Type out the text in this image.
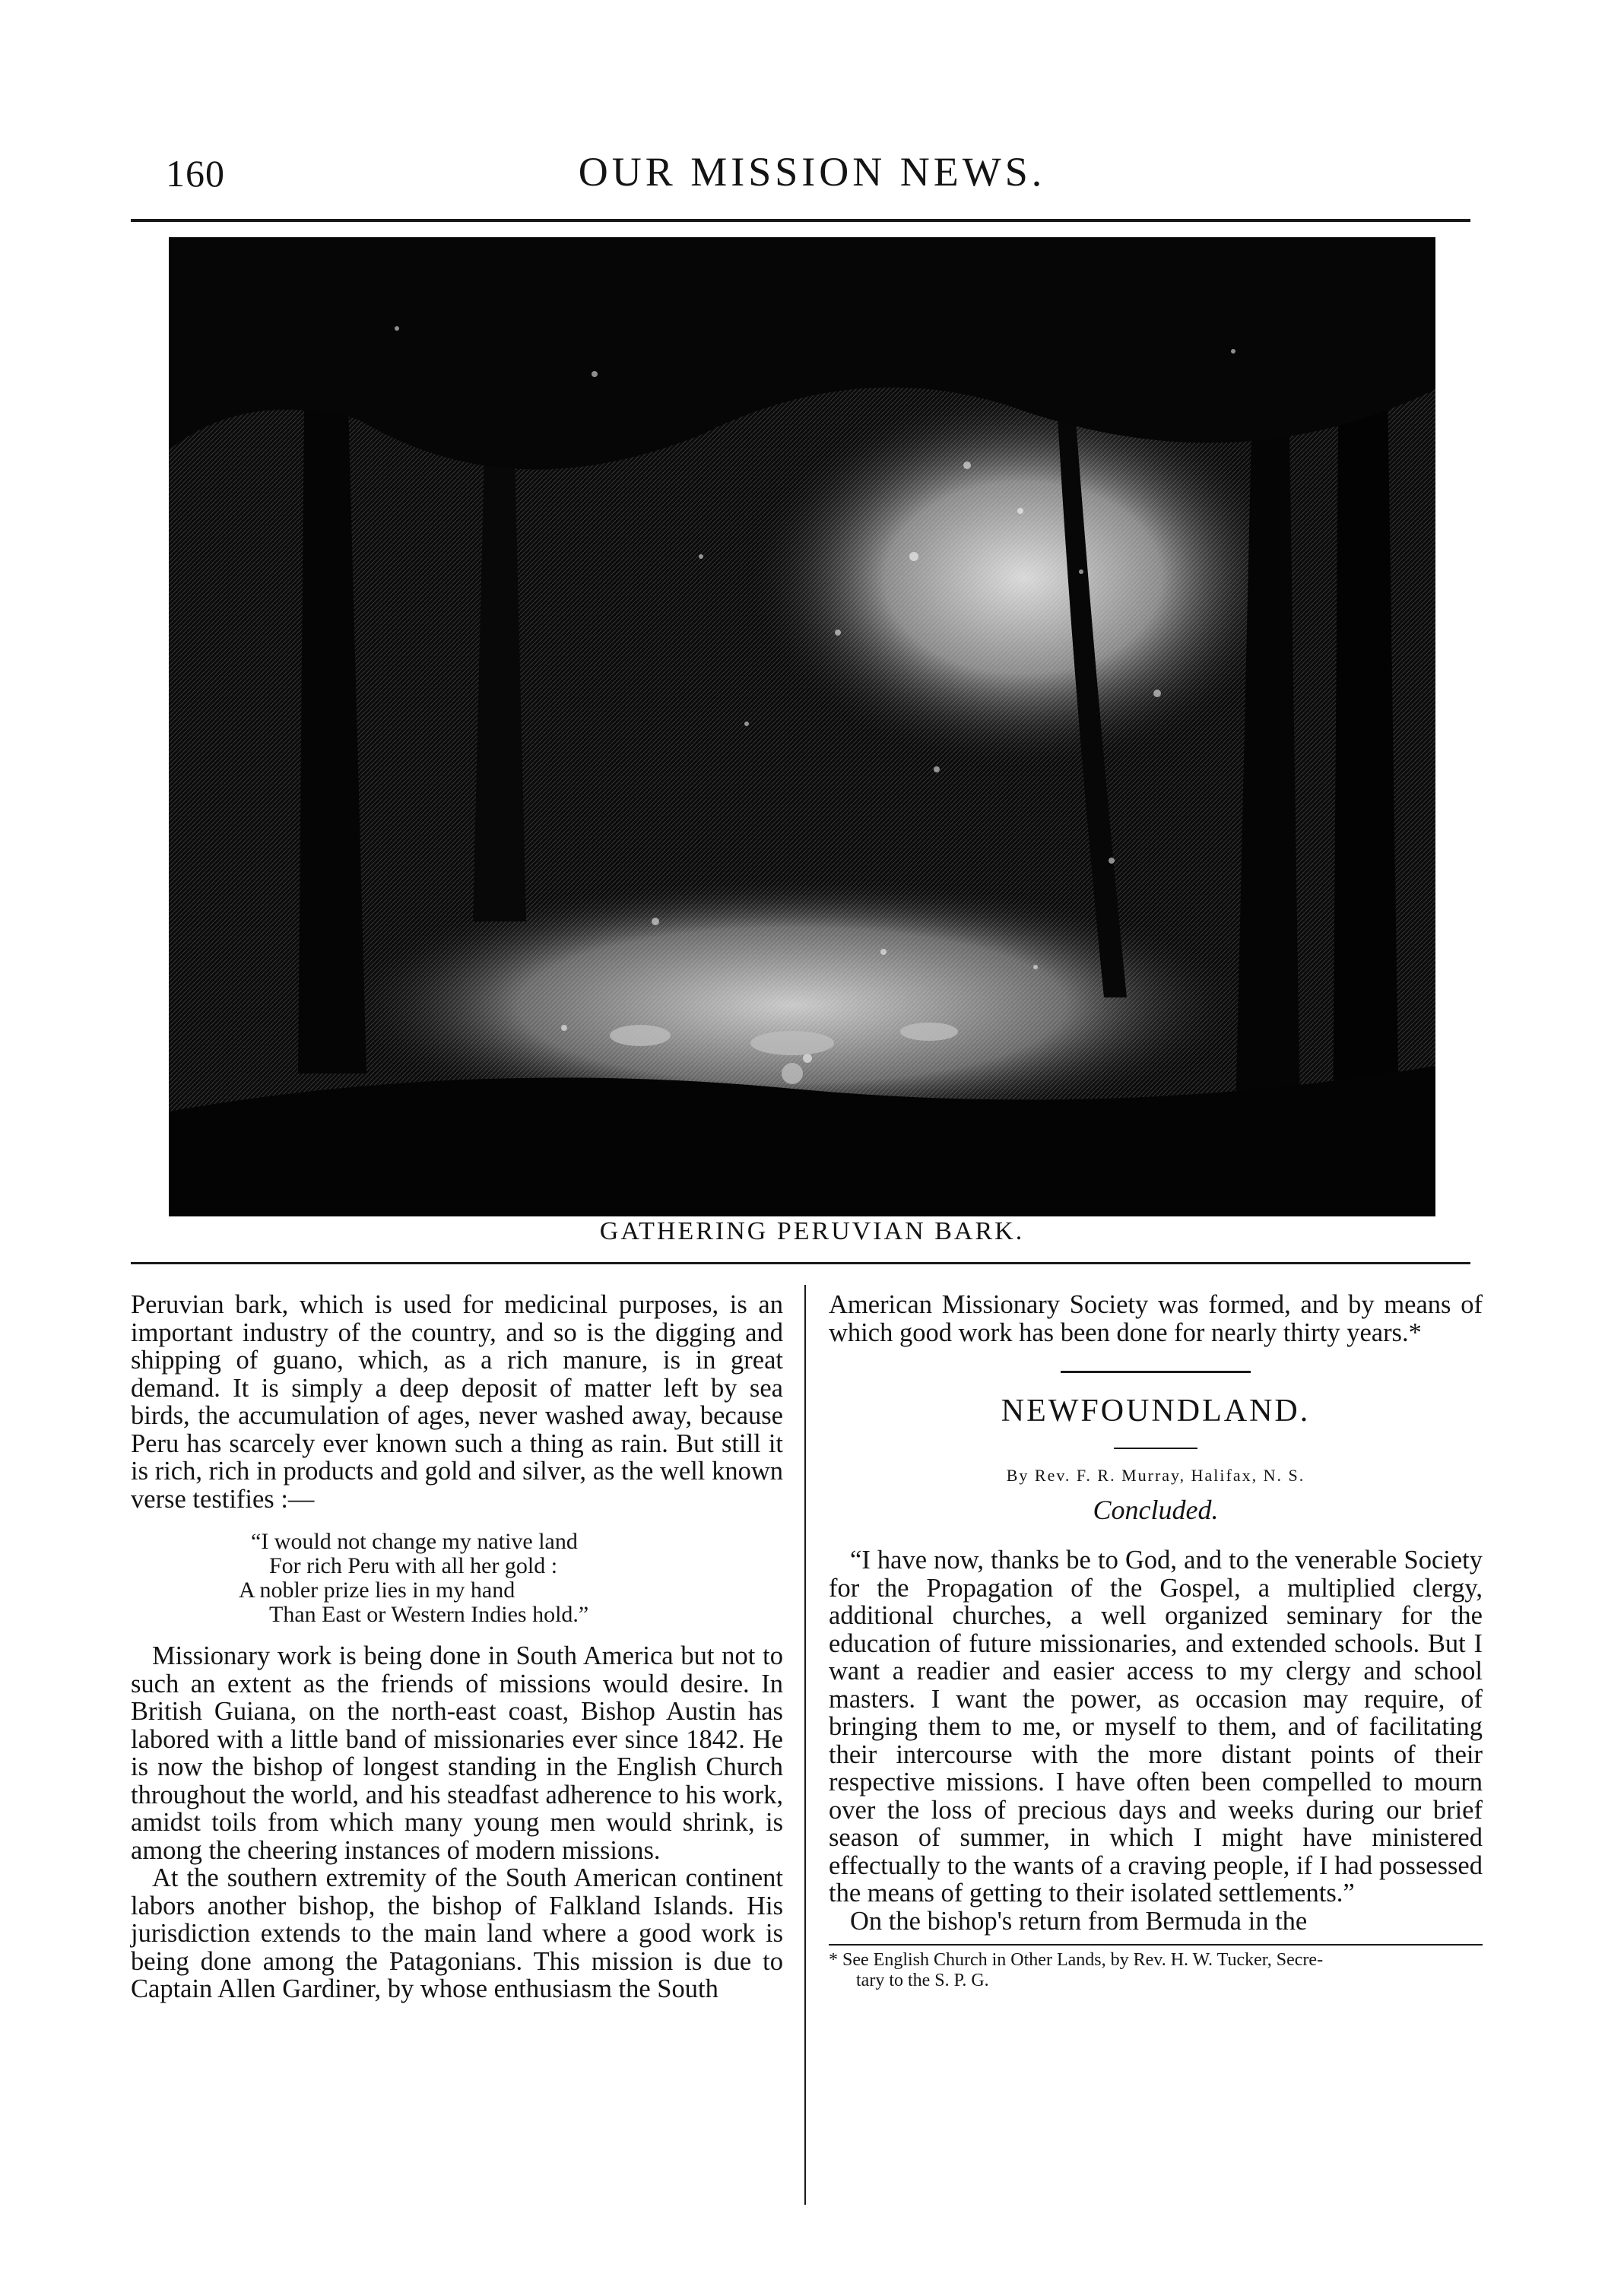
160	OUR MISSION NEWS.
GATHERING PERUVIAN BARK.

Peruvian bark, which is used for medicinal purposes, is an important industry of the country, and so is the digging and shipping of guano, which, as a rich manure, is in great demand. It is simply a deep deposit of matter left by sea birds, the accumulation of ages, never washed away, because Peru has scarcely ever known such a thing as rain. But still it is rich, rich in products and gold and silver, as the well known verse testifies :—

“I would not change my native land
For rich Peru with all her gold :
A nobler prize lies in my hand
Than East or Western Indies hold.”

Missionary work is being done in South America but not to such an extent as the friends of missions would desire. In British Guiana, on the north-east coast, Bishop Austin has labored with a little band of missionaries ever since 1842. He is now the bishop of longest standing in the English Church throughout the world, and his steadfast adherence to his work, amidst toils from which many young men would shrink, is among the cheering instances of modern missions.

At the southern extremity of the South American continent labors another bishop, the bishop of Falkland Islands. His jurisdiction extends to the main land where a good work is being done among the Patagonians. This mission is due to Captain Allen Gardiner, by whose enthusiasm the South

American Missionary Society was formed, and by means of which good work has been done for nearly thirty years.*

NEWFOUNDLAND.
By Rev. F. R. Murray, Halifax, N. S.
Concluded.

“I have now, thanks be to God, and to the venerable Society for the Propagation of the Gospel, a multiplied clergy, additional churches, a well organized seminary for the education of future missionaries, and extended schools. But I want a readier and easier access to my clergy and school masters. I want the power, as occasion may require, of bringing them to me, or myself to them, and of facilitating their intercourse with the more distant points of their respective missions. I have often been compelled to mourn over the loss of precious days and weeks during our brief season of summer, in which I might have ministered effectually to the wants of a craving people, if I had possessed the means of getting to their isolated settlements.”

On the bishop's return from Bermuda in the

* See English Church in Other Lands, by Rev. H. W. Tucker, Secre-
tary to the S. P. G.
